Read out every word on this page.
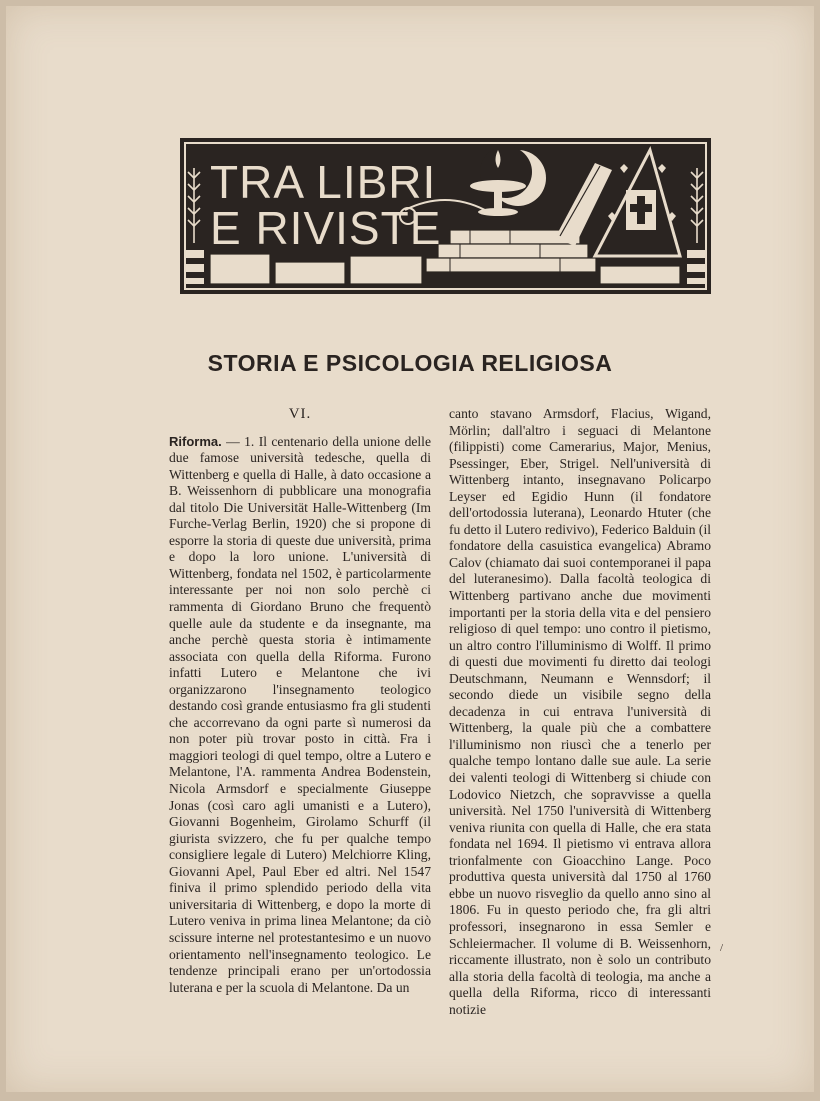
TRA LIBRI
E RIVISTE
STORIA E PSICOLOGIA RELIGIOSA
VI.
Riforma. — 1. Il centenario della unione delle due famose università tedesche, quella di Wittenberg e quella di Halle, à dato occasione a B. Weissenhorn di pubblicare una monografia dal titolo Die Universität Halle-Wittenberg (Im Furche-Verlag Berlin, 1920) che si propone di esporre la storia di queste due università, prima e dopo la loro unione. L'università di Wittenberg, fondata nel 1502, è particolarmente interessante per noi non solo perchè ci rammenta di Giordano Bruno che frequentò quelle aule da studente e da insegnante, ma anche perchè questa storia è intimamente associata con quella della Riforma. Furono infatti Lutero e Melantone che ivi organizzarono l'insegnamento teologico destando così grande entusiasmo fra gli studenti che accorrevano da ogni parte sì numerosi da non poter più trovar posto in città. Fra i maggiori teologi di quel tempo, oltre a Lutero e Melantone, l'A. rammenta Andrea Bodenstein, Nicola Armsdorf e specialmente Giuseppe Jonas (così caro agli umanisti e a Lutero), Giovanni Bogenheim, Girolamo Schurff (il giurista svizzero, che fu per qualche tempo consigliere legale di Lutero) Melchiorre Kling, Giovanni Apel, Paul Eber ed altri. Nel 1547 finiva il primo splendido periodo della vita universitaria di Wittenberg, e dopo la morte di Lutero veniva in prima linea Melantone; da ciò scissure interne nel protestantesimo e un nuovo orientamento nell'insegnamento teologico. Le tendenze principali erano per un'ortodossia luterana e per la scuola di Melantone. Da un
canto stavano Armsdorf, Flacius, Wigand, Mörlin; dall'altro i seguaci di Melantone (filippisti) come Camerarius, Major, Menius, Psessinger, Eber, Strigel. Nell'università di Wittenberg intanto, insegnavano Policarpo Leyser ed Egidio Hunn (il fondatore dell'ortodossia luterana), Leonardo Htuter (che fu detto il Lutero redivivo), Federico Balduin (il fondatore della casuistica evangelica) Abramo Calov (chiamato dai suoi contemporanei il papa del luteranesimo). Dalla facoltà teologica di Wittenberg partivano anche due movimenti importanti per la storia della vita e del pensiero religioso di quel tempo: uno contro il pietismo, un altro contro l'illuminismo di Wolff. Il primo di questi due movimenti fu diretto dai teologi Deutschmann, Neumann e Wennsdorf; il secondo diede un visibile segno della decadenza in cui entrava l'università di Wittenberg, la quale più che a combattere l'illuminismo non riuscì che a tenerlo per qualche tempo lontano dalle sue aule. La serie dei valenti teologi di Wittenberg si chiude con Lodovico Nietzch, che sopravvisse a quella università. Nel 1750 l'università di Wittenberg veniva riunita con quella di Halle, che era stata fondata nel 1694. Il pietismo vi entrava allora trionfalmente con Gioacchino Lange. Poco produttiva questa università dal 1750 al 1760 ebbe un nuovo risveglio da quello anno sino al 1806. Fu in questo periodo che, fra gli altri professori, insegnarono in essa Semler e Schleiermacher. Il volume di B. Weissenhorn, riccamente illustrato, non è solo un contributo alla storia della facoltà di teologia, ma anche a quella della Riforma, ricco di interessanti notizie
/
